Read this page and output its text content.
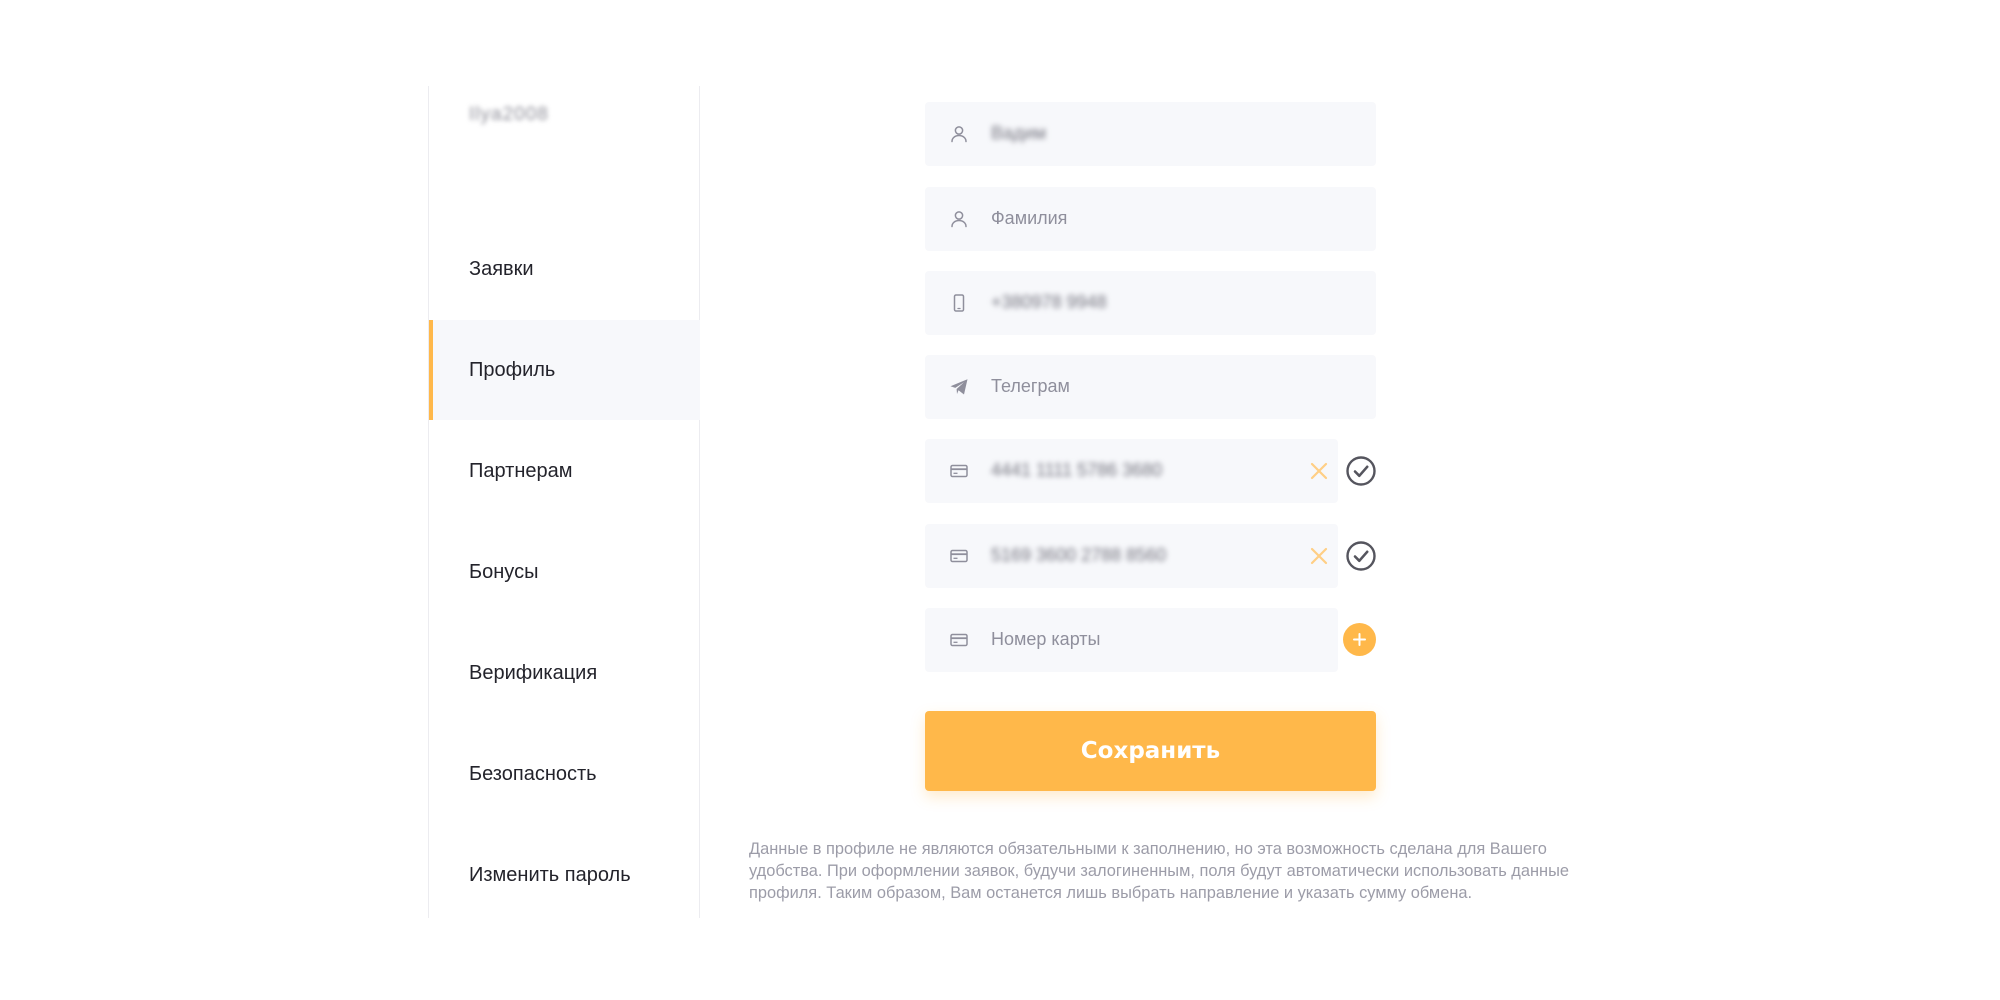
Ilya2008
Заявки
Профиль
Партнерам
Бонусы
Верификация
Безопасность
Изменить пароль
Вадим
Фамилия
+380978 9948
Телеграм
4441 1111 5786 3680
5169 3600 2788 8560
Номер карты
Сохранить

Данные в профиле не являются обязательными к заполнению, но эта возможность сделана для Вашего удобства. При оформлении заявок, будучи залогиненным, поля будут автоматически использовать данные профиля. Таким образом, Вам останется лишь выбрать направление и указать сумму обмена.
